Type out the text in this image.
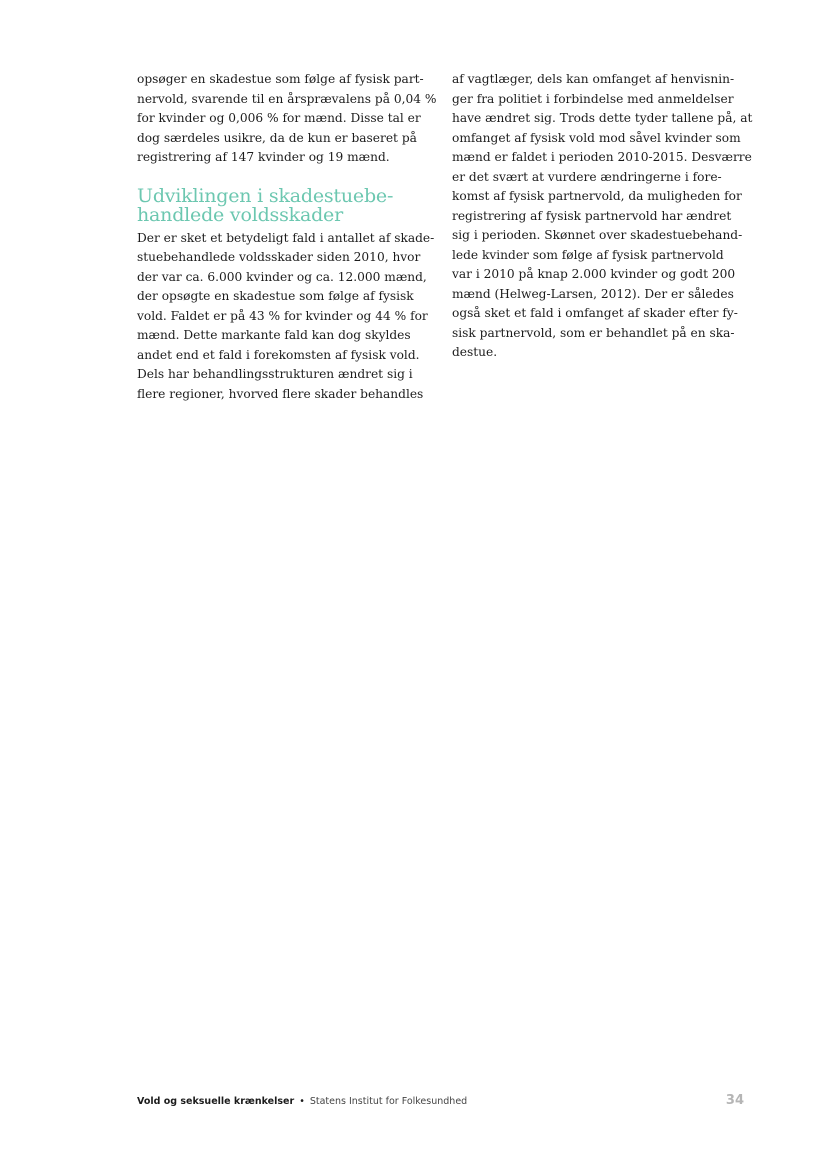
opsøger en skadestue som følge af fysisk part-
nervold, svarende til en årsprævalens på 0,04 %
for kvinder og 0,006 % for mænd. Disse tal er
dog særdeles usikre, da de kun er baseret på
registrering af 147 kvinder og 19 mænd.
Udviklingen i skadestuebe-
handlede voldsskader
Der er sket et betydeligt fald i antallet af skade-
stuebehandlede voldsskader siden 2010, hvor
der var ca. 6.000 kvinder og ca. 12.000 mænd,
der opsøgte en skadestue som følge af fysisk
vold. Faldet er på 43 % for kvinder og 44 % for
mænd. Dette markante fald kan dog skyldes
andet end et fald i forekomsten af fysisk vold.
Dels har behandlingsstrukturen ændret sig i
flere regioner, hvorved flere skader behandles
af vagtlæger, dels kan omfanget af henvisnin-
ger fra politiet i forbindelse med anmeldelser
have ændret sig. Trods dette tyder tallene på, at
omfanget af fysisk vold mod såvel kvinder som
mænd er faldet i perioden 2010-2015. Desværre
er det svært at vurdere ændringerne i fore-
komst af fysisk partnervold, da muligheden for
registrering af fysisk partnervold har ændret
sig i perioden. Skønnet over skadestuebehand-
lede kvinder som følge af fysisk partnervold
var i 2010 på knap 2.000 kvinder og godt 200
mænd (Helweg-Larsen, 2012). Der er således
også sket et fald i omfanget af skader efter fy-
sisk partnervold, som er behandlet på en ska-
destue.
Vold og seksuelle krænkelser • Statens Institut for Folkesundhed	34
